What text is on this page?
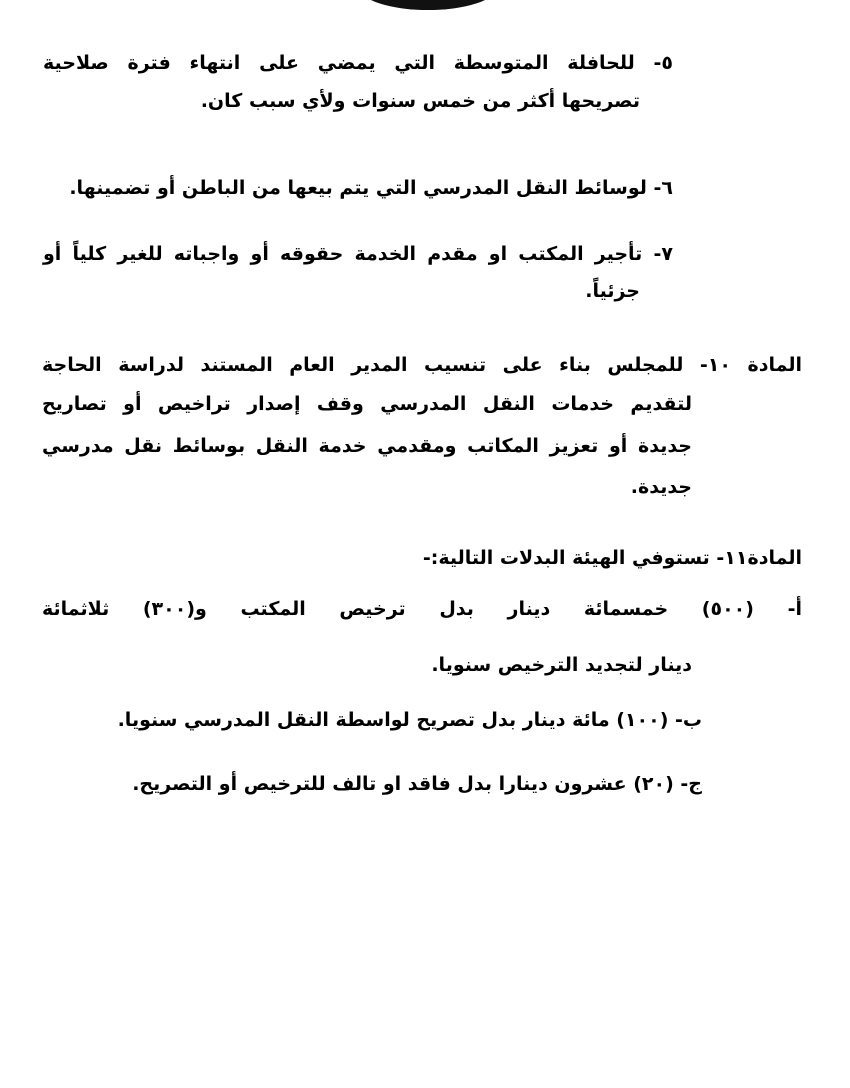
٥- للحافلة المتوسطة التي يمضي على انتهاء فترة صلاحية
تصريحها أكثر من خمس سنوات ولأي سبب كان.
٦- لوسائط النقل المدرسي التي يتم بيعها من الباطن أو تضمينها.
٧- تأجير المكتب او مقدم الخدمة حقوقه أو واجباته للغير كلياً أو
جزئياً.
المادة ١٠- للمجلس بناء على تنسيب المدير العام المستند لدراسة الحاجة
لتقديم خدمات النقل المدرسي وقف إصدار تراخيص أو تصاريح
جديدة أو تعزيز المكاتب ومقدمي خدمة النقل بوسائط نقل مدرسي
جديدة.
المادة١١- تستوفي الهيئة البدلات التالية:-
أ- (٥٠٠) خمسمائة دينار بدل ترخيص المكتب و(٣٠٠) ثلاثمائة
دينار لتجديد الترخيص سنويا.
ب- (١٠٠) مائة دينار بدل تصريح لواسطة النقل المدرسي سنويا.
ج- (٢٠) عشرون دينارا بدل فاقد او تالف للترخيص أو التصريح.
